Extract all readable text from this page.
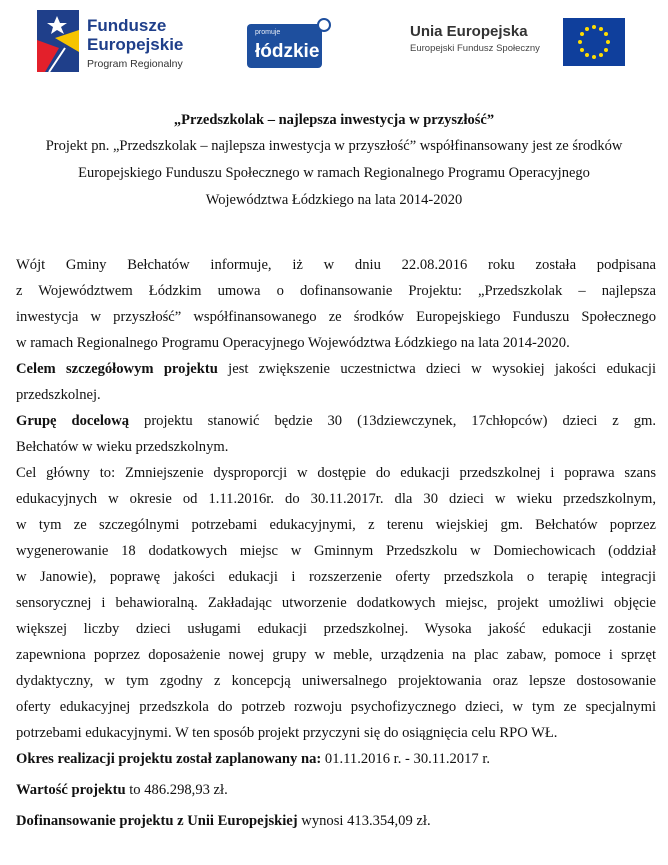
Fundusze
Europejskie
Program Regionalny
promuje
łódzkie
Unia Europejska
Europejski Fundusz Społeczny
„Przedszkolak – najlepsza inwestycja w przyszłość”
Projekt pn. „Przedszkolak – najlepsza inwestycja w przyszłość” współfinansowany jest ze środków
Europejskiego Funduszu Społecznego w ramach Regionalnego Programu Operacyjnego
Województwa Łódzkiego na lata 2014-2020

Wójt Gminy Bełchatów informuje, iż w dniu 22.08.2016 roku została podpisana

z Województwem Łódzkim umowa o dofinansowanie Projektu: „Przedszkolak – najlepsza

inwestycja w przyszłość” współfinansowanego ze środków Europejskiego Funduszu Społecznego

w ramach Regionalnego Programu Operacyjnego Województwa Łódzkiego na lata 2014-2020.

Celem szczegółowym projektu jest zwiększenie uczestnictwa dzieci w wysokiej jakości edukacji

przedszkolnej.

Grupę docelową projektu stanowić będzie 30 (13dziewczynek, 17chłopców) dzieci z gm.

Bełchatów w wieku przedszkolnym.

Cel główny to: Zmniejszenie dysproporcji w dostępie do edukacji przedszkolnej i poprawa szans

edukacyjnych w okresie od 1.11.2016r. do 30.11.2017r. dla 30 dzieci w wieku przedszkolnym,

w tym ze szczególnymi potrzebami edukacyjnymi, z terenu wiejskiej gm. Bełchatów poprzez

wygenerowanie 18 dodatkowych miejsc w Gminnym Przedszkolu w Domiechowicach (oddział

w Janowie), poprawę jakości edukacji i rozszerzenie oferty przedszkola o terapię integracji

sensorycznej i behawioralną. Zakładając utworzenie dodatkowych miejsc, projekt umożliwi objęcie

większej liczby dzieci usługami edukacji przedszkolnej. Wysoka jakość edukacji zostanie

zapewniona poprzez doposażenie nowej grupy w meble, urządzenia na plac zabaw, pomoce i sprzęt

dydaktyczny, w tym zgodny z koncepcją uniwersalnego projektowania oraz lepsze dostosowanie

oferty edukacyjnej przedszkola do potrzeb rozwoju psychofizycznego dzieci, w tym ze specjalnymi

potrzebami edukacyjnymi. W ten sposób projekt przyczyni się do osiągnięcia celu RPO WŁ.

Okres realizacji projektu został zaplanowany na: 01.11.2016 r. - 30.11.2017 r.

Wartość projektu to 486.298,93 zł.

Dofinansowanie projektu z Unii Europejskiej wynosi 413.354,09 zł.
